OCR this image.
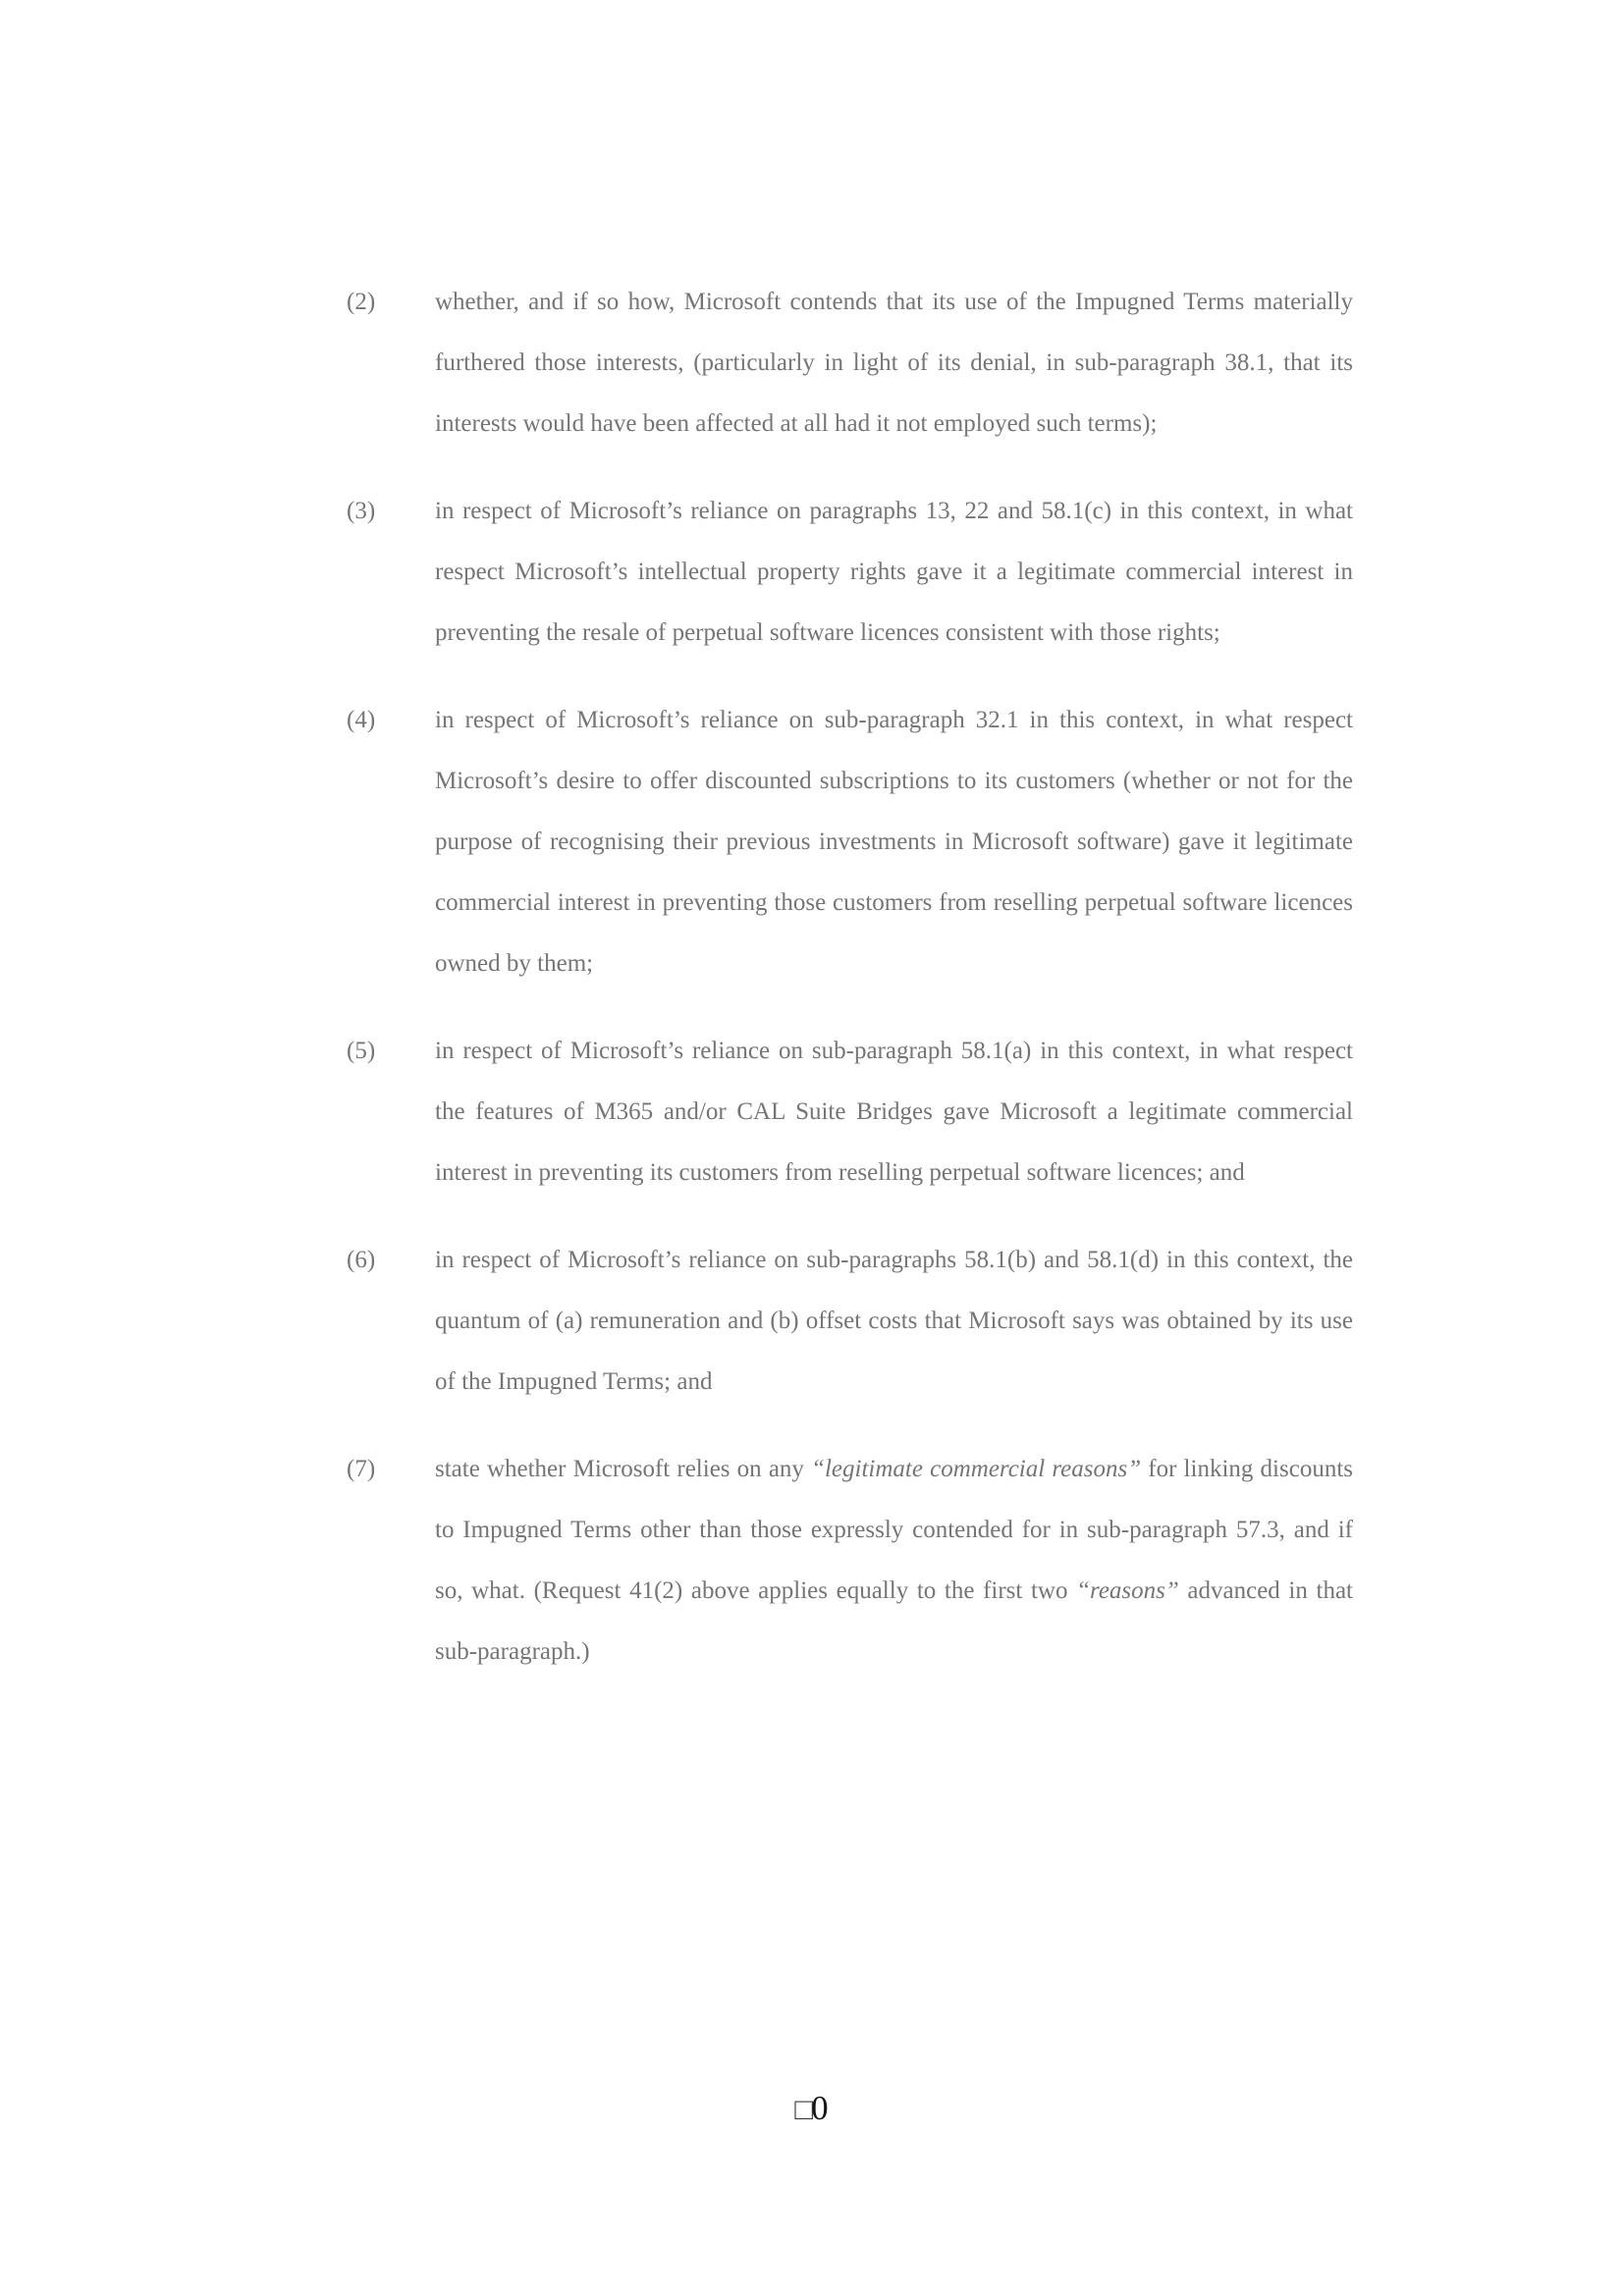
(2)	whether, and if so how, Microsoft contends that its use of the Impugned Terms materially furthered those interests, (particularly in light of its denial, in sub-paragraph 38.1, that its interests would have been affected at all had it not employed such terms);
(3)	in respect of Microsoft’s reliance on paragraphs 13, 22 and 58.1(c) in this context, in what respect Microsoft’s intellectual property rights gave it a legitimate commercial interest in preventing the resale of perpetual software licences consistent with those rights;
(4)	in respect of Microsoft’s reliance on sub-paragraph 32.1 in this context, in what respect Microsoft’s desire to offer discounted subscriptions to its customers (whether or not for the purpose of recognising their previous investments in Microsoft software) gave it legitimate commercial interest in preventing those customers from reselling perpetual software licences owned by them;
(5)	in respect of Microsoft’s reliance on sub-paragraph 58.1(a) in this context, in what respect the features of M365 and/or CAL Suite Bridges gave Microsoft a legitimate commercial interest in preventing its customers from reselling perpetual software licences; and
(6)	in respect of Microsoft’s reliance on sub-paragraphs 58.1(b) and 58.1(d) in this context, the quantum of (a) remuneration and (b) offset costs that Microsoft says was obtained by its use of the Impugned Terms; and
(7)	state whether Microsoft relies on any “legitimate commercial reasons” for linking discounts to Impugned Terms other than those expressly contended for in sub-paragraph 57.3, and if so, what. (Request 41(2) above applies equally to the first two “reasons” advanced in that sub-paragraph.)
□0
